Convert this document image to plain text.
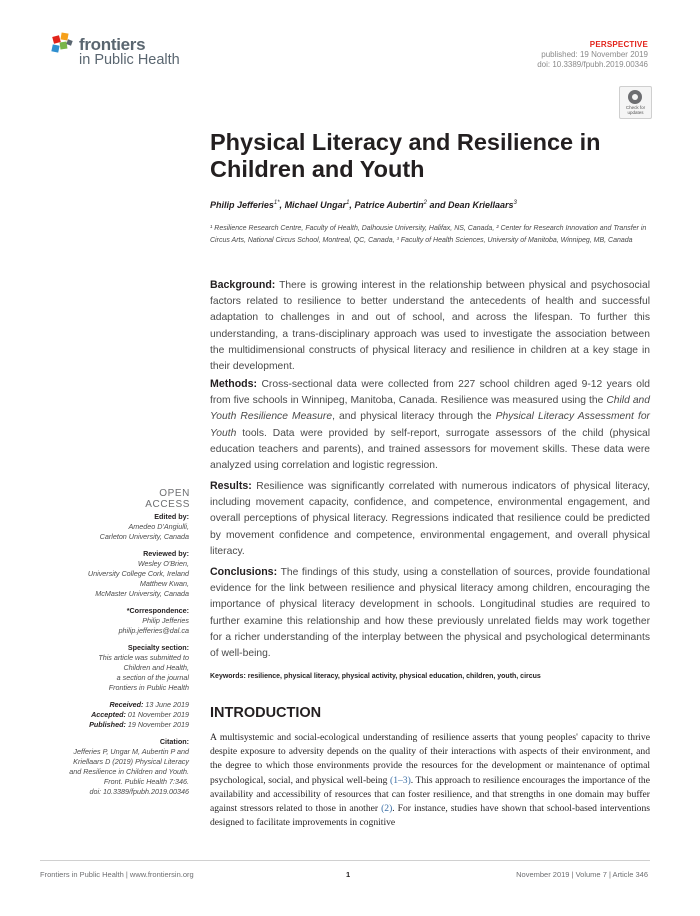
frontiers
in Public Health
PERSPECTIVE
published: 19 November 2019
doi: 10.3389/fpubh.2019.00346
Check for updates
Physical Literacy and Resilience in Children and Youth
Philip Jefferies$^{1*}$, Michael Ungar$^1$, Patrice Aubertin$^2$ and Dean Kriellaars$^3$
¹ Resilience Research Centre, Faculty of Health, Dalhousie University, Halifax, NS, Canada, ² Center for Research Innovation and Transfer in Circus Arts, National Circus School, Montreal, QC, Canada, ³ Faculty of Health Sciences, University of Manitoba, Winnipeg, MB, Canada

Background: There is growing interest in the relationship between physical and psychosocial factors related to resilience to better understand the antecedents of health and successful adaptation to challenges in and out of school, and across the lifespan. To further this understanding, a trans-disciplinary approach was used to investigate the association between the multidimensional constructs of physical literacy and resilience in children at a key stage in their development.

Methods: Cross-sectional data were collected from 227 school children aged 9-12 years old from five schools in Winnipeg, Manitoba, Canada. Resilience was measured using the Child and Youth Resilience Measure, and physical literacy through the Physical Literacy Assessment for Youth tools. Data were provided by self-report, surrogate assessors of the child (physical education teachers and parents), and trained assessors for movement skills. These data were analyzed using correlation and logistic regression.

Results: Resilience was significantly correlated with numerous indicators of physical literacy, including movement capacity, confidence, and competence, environmental engagement, and overall perceptions of physical literacy. Regressions indicated that resilience could be predicted by movement confidence and competence, environmental engagement, and overall physical literacy.

Conclusions: The findings of this study, using a constellation of sources, provide foundational evidence for the link between resilience and physical literacy among children, encouraging the importance of physical literacy development in schools. Longitudinal studies are required to further examine this relationship and how these previously unrelated fields may work together for a richer understanding of the interplay between the physical and psychological determinants of well-being.

Keywords: resilience, physical literacy, physical activity, physical education, children, youth, circus
INTRODUCTION

A multisystemic and social-ecological understanding of resilience asserts that young peoples' capacity to thrive despite exposure to adversity depends on the quality of their interactions with aspects of their environment, and the degree to which those environments provide the resources for the development or maintenance of optimal psychological, social, and physical well-being (1–3). This approach to resilience encourages the importance of the availability and accessibility of resources that can foster resilience, and that strengths in one domain may buffer against stressors related to those in another (2). For instance, studies have shown that school-based interventions designed to facilitate improvements in cognitive

OPEN ACCESS
Edited by:
Amedeo D'Angiulli,
Carleton University, Canada
Reviewed by:
Wesley O'Brien,
University College Cork, Ireland
Matthew Kwan,
McMaster University, Canada
*Correspondence:
Philip Jefferies
philip.jefferies@dal.ca
Specialty section:
This article was submitted to
Children and Health,
a section of the journal
Frontiers in Public Health
Received: 13 June 2019
Accepted: 01 November 2019
Published: 19 November 2019
Citation:
Jefferies P, Ungar M, Aubertin P and
Kriellaars D (2019) Physical Literacy
and Resilience in Children and Youth.
Front. Public Health 7:346.
doi: 10.3389/fpubh.2019.00346
Frontiers in Public Health | www.frontiersin.org	1	November 2019 | Volume 7 | Article 346
